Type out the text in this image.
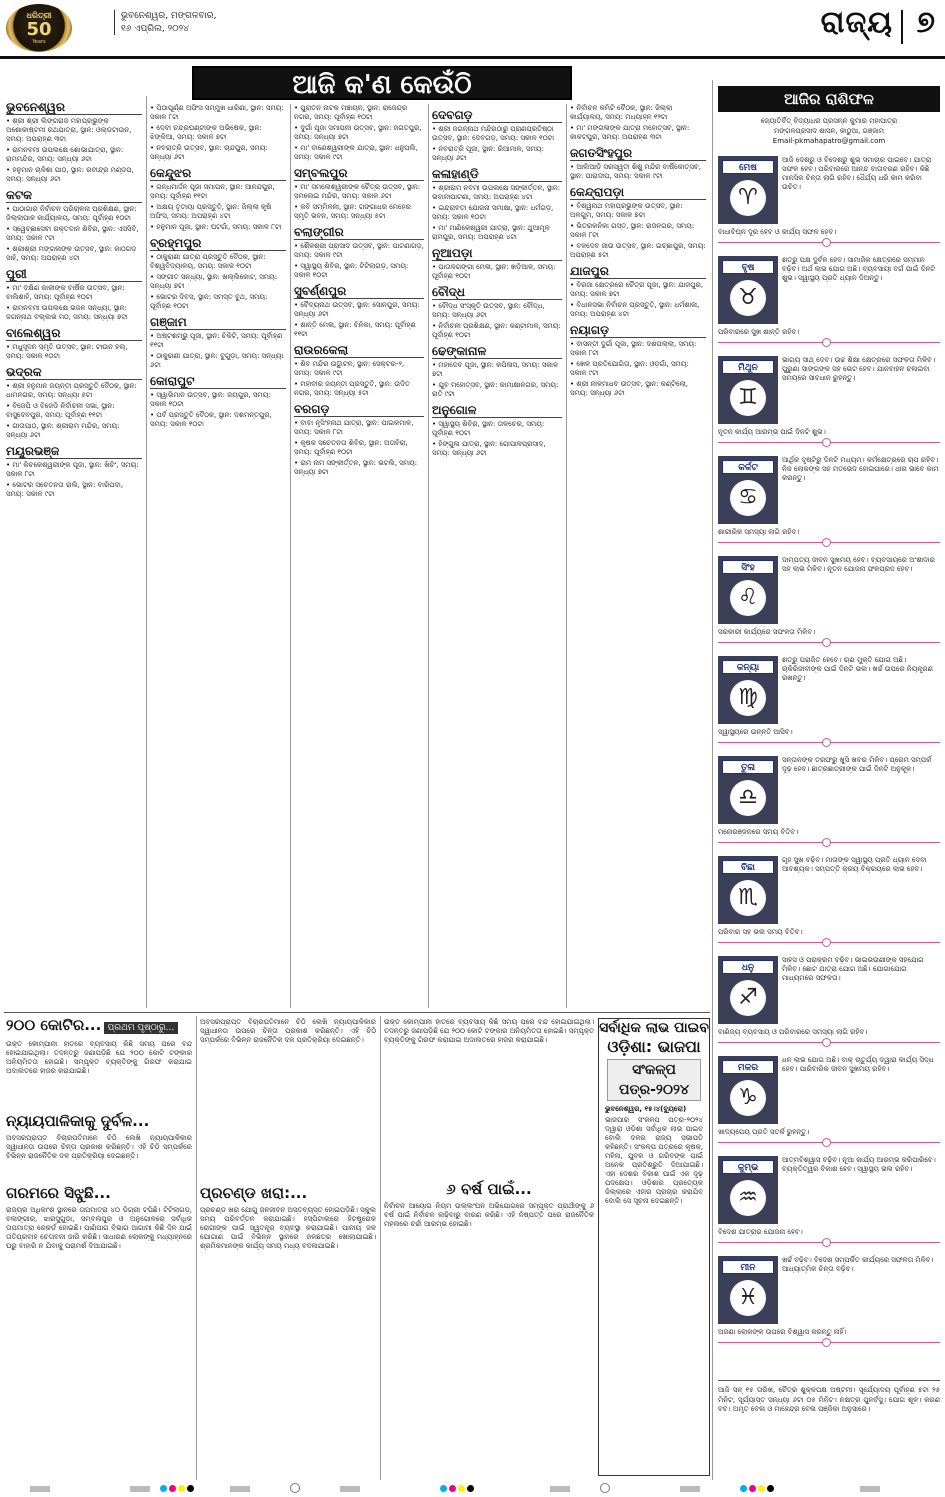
ଧରିତ୍ରୀ
50
Years
ଭୁବନେଶ୍ୱର, ମଙ୍ଗଳବାର,
୧୬ ଏପ୍ରିଲ, ୨୦୨୪	ରାଜ୍ୟ ୭
ଆଜି କ'ଣ କେଉଁଠି
ଭୁବନେଶ୍ୱର
• ଶ୍ରୀ ଶ୍ରୀ ଲିଙ୍ଗରାଜ ମହାପ୍ରଭୁଙ୍କ ଅଶୋକାଷ୍ଟମୀ ରଥଯାତ୍ରା, ସ୍ଥାନ: ଓଲ୍ଡଟାଉନ, ସମୟ: ଅପରାହ୍ଣ ୩ଟା
• ରାମନବମୀ ଉପଲକ୍ଷେ ଶୋଭାଯାତ୍ରା, ସ୍ଥାନ: ରାମମନ୍ଦିର, ସମୟ: ସନ୍ଧ୍ୟା ୬ଟା
• ହନୁମାନ ଚାଳିଶା ପାଠ, ସ୍ଥାନ: ରବୀନ୍ଦ୍ର ମଣ୍ଡପ, ସମୟ: ସନ୍ଧ୍ୟା ୬ଟା
କଟକ
• ପାଠାଗାର ନିର୍ବାଚନ ପରିଚାଳନା ପ୍ରଶିକ୍ଷଣ, ସ୍ଥାନ: ଜିଲ୍ଲାପାଳ କାର୍ଯ୍ୟାଳୟ, ସମୟ: ପୂର୍ବାହ୍ଣ ୧୦ଟା
• ସ୍ୱେଚ୍ଛାସେବୀ ରକ୍ତଦାନ ଶିବିର, ସ୍ଥାନ: ଏସସିବି, ସମୟ: ସକାଳ ୯ଟା
• ଶ୍ରୀଶ୍ରୀ ମଙ୍ଗଳାଙ୍କ ଉତ୍ସବ, ସ୍ଥାନ: କାଠଗଡ଼ ସାହି, ସମୟ: ଅପରାହ୍ଣ ୪ଟା
ପୁରୀ
• ମା' ଦକ୍ଷିଣ କାଳୀଙ୍କ ବାର୍ଷିକ ଉତ୍ସବ, ସ୍ଥାନ: ବାଲିଶାହି, ସମୟ: ପୂର୍ବାହ୍ଣ ୧୦ଟା
• ରାମନବମୀ ଉପଲକ୍ଷେ ଭଜନ ସନ୍ଧ୍ୟା, ସ୍ଥାନ: ଜଗନ୍ନାଥ ବଲ୍ଲଭ ମଠ, ସମୟ: ସନ୍ଧ୍ୟା ୭ଟା
ବାଲେଶ୍ୱର
• ମଧୁସୂଦନ ସ୍ମୃତି ଉତ୍ସବ, ସ୍ଥାନ: ଟାଉନ ହଲ୍, ସମୟ: ସକାଳ ୧୦ଟା
ଭଦ୍ରକ
• ଶ୍ରୀ ହନୁମାନ ଜୟନ୍ତୀ ପ୍ରସ୍ତୁତି ବୈଠକ, ସ୍ଥାନ: ଧାମନଗର, ସମୟ: ସନ୍ଧ୍ୟା ୫ଟା
• ବିଜେପି ଓ ବିଜେଡି ନିର୍ବାଚନୀ ସଭା, ସ୍ଥାନ: ବାସୁଦେବପୁର, ସମୟ: ପୂର୍ବାହ୍ଣ ୧୧ଟା
• ଗୀତାପାଠ, ସ୍ଥାନ: ଶ୍ରୀରାମ ମନ୍ଦିର, ସମୟ: ସନ୍ଧ୍ୟା ୬ଟା
ମୟୂରଭଞ୍ଜ
• ମା' କିଚକେଶ୍ୱରୀଙ୍କ ପୂଜା, ସ୍ଥାନ: ଖିଚିଂ, ସମୟ: ସକାଳ ୮ଟା
• ଭୋଟର ସଚେତନତା ରାଲି, ସ୍ଥାନ: ବାରିପଦା, ସମୟ: ସକାଳ ୯ଟା
• ପିଠାପୂର୍ଣ୍ଣ ଅଫିସ ସମ୍ମୁଖ ଧାରିଣା, ସ୍ଥାନ: ସମୟ: ସକାଳ ୮ଟା
• ଦେବୀ ଚନ୍ଦ୍ରଘଣ୍ଟାଙ୍କ ଅଭିଷେକ, ସ୍ଥାନ: ଝିଙ୍କିଆ, ସମୟ: ସକାଳ ୭ଟା
• ନବରାତ୍ରି ଉତ୍ସବ, ସ୍ଥାନ: ଚାନ୍ଦପୁର, ସମୟ: ସନ୍ଧ୍ୟା ୬ଟା
କେନ୍ଦୁଝର
• ଗନ୍ଧମାର୍ଦ୍ଦନ ପୂଜା ସମାପନ, ସ୍ଥାନ: ଆନନ୍ଦପୁର, ସମୟ: ପୂର୍ବାହ୍ଣ ୧୧ଟା
• ଅକ୍ଷୟ ତୃତୀୟା ପ୍ରସ୍ତୁତି, ସ୍ଥାନ: ଜିଲ୍ଲା କୃଷି ଅଫିସ, ସମୟ: ଅପରାହ୍ଣ ୪ଟା
• ହନୁମାନ ପୂଜା, ସ୍ଥାନ: ଘଟଗାଁ, ସମୟ: ସକାଳ ୮ଟା
ବ୍ରହ୍ମପୁର
• ଠାକୁରାଣୀ ଯାତ୍ରା ପ୍ରସ୍ତୁତି ବୈଠକ, ସ୍ଥାନ: ବିଶ୍ୱବିଦ୍ୟାଳୟ, ସମୟ: ସକାଳ ୧୦ଟା
• ସଙ୍ଗୀତ ସନ୍ଧ୍ୟା, ସ୍ଥାନ: ଖଲ୍ଲିକୋଟ, ସମୟ: ସନ୍ଧ୍ୟା ୭ଟା
• ଭୋଟର ଦିବସ, ସ୍ଥାନ: ସମସ୍ତ ବୁଥ, ସମୟ: ପୂର୍ବାହ୍ଣ ୧୦ଟା
ଗଞ୍ଜାମ
• ଅଷ୍ଟଶମ୍ଭୁ ପୂଜା, ସ୍ଥାନ: ଚିକିଟି, ସମୟ: ପୂର୍ବାହ୍ଣ ୧୧ଟା
• ଠାକୁରାଣୀ ଯାତ୍ରା, ସ୍ଥାନ: ବୁଗୁଡ଼ା, ସମୟ: ସନ୍ଧ୍ୟା ୬ଟା
କୋରାପୁଟ
• ସ୍ୱାଭିମାନ ଉତ୍ସବ, ସ୍ଥାନ: ଜୟପୁର, ସମୟ: ସକାଳ ୧୦ଟା
• ପର୍ବ ପ୍ରସ୍ତୁତି ବୈଠକ, ସ୍ଥାନ: ଦଶମନ୍ତପୁର, ସମୟ: ସକାଳ ୧୦ଟା
• ପୁରାତନ ନାଟକ ମଞ୍ଚାୟନ, ସ୍ଥାନ: ରାଜେନ୍ଦ୍ର ନଗର, ସମୟ: ପୂର୍ବାହ୍ଣ ୧୦ଟା
• ଦୁର୍ଗା ପୂଜା ସମାପନୀ ଉତ୍ସବ, ସ୍ଥାନ: ଜଗତପୁର, ସମୟ: ସନ୍ଧ୍ୟା ୭ଟା
• ମା' ବାଣେଶ୍ୱରୀଙ୍କ ଯାତ୍ରା, ସ୍ଥାନ: ଧନୁପଲି, ସମୟ: ସକାଳ ୯ଟା
ସମ୍ବଲପୁର
• ମା' ସମଲେଶ୍ୱରୀଙ୍କ ଚୈତ୍ର ଉତ୍ସବ, ସ୍ଥାନ: ସମଲେଇ ମନ୍ଦିର, ସମୟ: ସକାଳ ୬ଟା
• କବି ସମ୍ମିଳନୀ, ସ୍ଥାନ: ଗଙ୍ଗାଧର ମେହେର ସ୍ମୃତି ଭବନ, ସମୟ: ସନ୍ଧ୍ୟା ୫ଟା
ବଲାଙ୍ଗୀର
• ଶୈଳଶ୍ରୀ ପ୍ରାସାଦ ଉତ୍ସବ, ସ୍ଥାନ: ପାଟଣାଗଡ଼, ସମୟ: ସକାଳ ୯ଟା
• ସ୍ୱାସ୍ଥ୍ୟ ଶିବିର, ସ୍ଥାନ: ଟିଟିଲାଗଡ଼, ସମୟ: ସକାଳ ୧୦ଟା
ସୁବର୍ଣ୍ଣପୁର
• ବୈଦ୍ୟନାଥ ଉତ୍ସବ, ସ୍ଥାନ: ସୋନପୁର, ସମୟ: ସନ୍ଧ୍ୟା ୬ଟା
• ଶାନ୍ତି ମେଳା, ସ୍ଥାନ: ବିନିକା, ସମୟ: ପୂର୍ବାହ୍ଣ ୧୧ଟା
ରାଉରକେଲା
• ଶିବ ମନ୍ଦିର ଉଦ୍ଘାଟନ, ସ୍ଥାନ: ସେକ୍ଟର-୨, ସମୟ: ସକାଳ ୯ଟା
• ମହାବୀର ଜୟନ୍ତୀ ପ୍ରସ୍ତୁତି, ସ୍ଥାନ: ଉଦିତ ନଗର, ସମୟ: ସନ୍ଧ୍ୟା ୫ଟା
ବରଗଡ଼
• ବାବା ନୃସିଂହନାଥ ଯାତ୍ରା, ସ୍ଥାନ: ପାଇକମାଳ, ସମୟ: ସକାଳ ୮ଟା
• କୃଷକ ସଚେତନତା ଶିବିର, ସ୍ଥାନ: ଅତାବିରା, ସମୟ: ପୂର୍ବାହ୍ଣ ୧୦ଟା
• ରାମ ନାମ ସଙ୍କୀର୍ତ୍ତନ, ସ୍ଥାନ: ଭଟଲି, ସମୟ: ସନ୍ଧ୍ୟା ୭ଟା
ଦେବଗଡ଼
• ଶ୍ରୀ ଜଗନ୍ନାଥ ମନ୍ଦିରଠାରୁ ପ୍ରାଣପ୍ରତିଷ୍ଠା ଉତ୍ସବ, ସ୍ଥାନ: ଦେବଗଡ଼, ସମୟ: ସକାଳ ୧୦ଟା
• ନବରାତ୍ରି ପୂଜା, ସ୍ଥାନ: ରିଆମାଳ, ସମୟ: ସନ୍ଧ୍ୟା ୬ଟା
କଳାହାଣ୍ଡି
• ଶ୍ରୀରାମ ନବମୀ ଉପଲକ୍ଷେ ସଙ୍କୀର୍ତ୍ତନ, ସ୍ଥାନ: ଭବାନୀପାଟଣା, ସମୟ: ଅପରାହ୍ଣ ୪ଟା
• ଇନ୍ଦ୍ରାବତୀ ଯୋଜନା ସମୀକ୍ଷା, ସ୍ଥାନ: ଧର୍ମଗଡ଼, ସମୟ: ସକାଳ ୧୦ଟା
• ମା' ମାଣିକେଶ୍ୱରୀ ଯାତ୍ରା, ସ୍ଥାନ: ଥୁଆମୂଳ ରାମପୁର, ସମୟ: ଅପରାହ୍ଣ ୪ଟା
ନୂଆପଡ଼ା
• ପାତାଳଗଙ୍ଗା ମେଳା, ସ୍ଥାନ: ଖଡ଼ିଆଳ, ସମୟ: ପୂର୍ବାହ୍ଣ ୧୦ଟା
ବୌଦ୍ଧ
• ବୌଦ୍ଧ ସଂସ୍କୃତି ଉତ୍ସବ, ସ୍ଥାନ: ବୌଦ୍ଧ, ସମୟ: ସନ୍ଧ୍ୟା ୬ଟା
• ନିର୍ବାଚନୀ ପ୍ରଶିକ୍ଷଣ, ସ୍ଥାନ: କଣ୍ଟାମାଳ, ସମୟ: ପୂର୍ବାହ୍ଣ ୧୦ଟା
ଢେଙ୍କାନାଳ
• ମହାଦେବ ପୂଜା, ସ୍ଥାନ: କପିଳାସ, ସମୟ: ସକାଳ ୭ଟା
• ଯୁବ ମହୋତ୍ସବ, ସ୍ଥାନ: କାମାକ୍ଷାନଗର, ସମୟ: ରାତି ୯ଟା
ଅନୁଗୋଳ
• ସ୍ୱାସ୍ଥ୍ୟ ଶିବିର, ସ୍ଥାନ: ତାଳଚେର, ସମୟ: ପୂର୍ବାହ୍ଣ ୧୦ଟା
• ହିଙ୍ଗୁଳା ଯାତ୍ରା, ସ୍ଥାନ: ଗୋପାଳପ୍ରସାଦ, ସମୟ: ସନ୍ଧ୍ୟା ୬ଟା
• ନିର୍ବାଚନ କମିଟି ବୈଠକ, ସ୍ଥାନ: ଜିଲ୍ଲା କାର୍ଯ୍ୟାଳୟ, ସମୟ: ମଧ୍ୟାହ୍ନ ୧୨ଟା
• ମା' ମଙ୍ଗଳାଙ୍କ ଯାତ୍ରା ମହୋତ୍ସବ, ସ୍ଥାନ: କାକଟପୁର, ସମୟ: ଅପରାହ୍ଣ ୩ଟା
ଜଗତସିଂହପୁର
• ଆଲିଆଡ଼ି ସରସ୍ୱତୀ ଶିଶୁ ମନ୍ଦିର ବାର୍ଷିକୋତ୍ସବ, ସ୍ଥାନ: ପାରାଦୀପ, ସମୟ: ସକାଳ ୯ଟା
କେନ୍ଦ୍ରାପଡ଼ା
• ବିଶ୍ୱନାଥ ମହାପ୍ରଭୁଙ୍କ ଉତ୍ସବ, ସ୍ଥାନ: ଅଳଗୁମ, ସମୟ: ସକାଳ ୭ଟା
• ଭିତରକନିକା ଗସ୍ତ, ସ୍ଥାନ: ରାଜନଗର, ସମୟ: ସକାଳ ୮ଟା
• ବଳଦେବ ଜୀଉ ଉତ୍ସବ, ସ୍ଥାନ: ଇଚ୍ଛାପୁର, ସମୟ: ଅପରାହ୍ଣ ୫ଟା
ଯାଜପୁର
• ବିରଜା କ୍ଷେତ୍ରରେ ଚୈତ୍ର ପୂଜା, ସ୍ଥାନ: ଯାଜପୁର, ସମୟ: ସକାଳ ୭ଟା
• ବିଧାନସଭା ନିର୍ବାଚନ ପ୍ରସ୍ତୁତି, ସ୍ଥାନ: ଧର୍ମଶାଳା, ସମୟ: ଅପରାହ୍ଣ ୪ଟା
ନୟାଗଡ଼
• ବାସନ୍ତୀ ଦୁର୍ଗା ପୂଜା, ସ୍ଥାନ: ଦଶପଲ୍ଲା, ସମୟ: ସକାଳ ୮ଟା
• ଖେଳ ପ୍ରତିଯୋଗିତା, ସ୍ଥାନ: ଓଡ଼ଗାଁ, ସମୟ: ସକାଳ ୯ଟା
• ଶ୍ରୀ ନୀଳମାଧବ ଉତ୍ସବ, ସ୍ଥାନ: କଣ୍ଟିଲୋ, ସମୟ: ସନ୍ଧ୍ୟା ୬ଟା
ଆଜିର ରାଶିଫଳ
ଜ୍ୟୋତିର୍ବିତ୍ ବିଦ୍ୟାଧର ପ୍ରସନ୍ନ କୁମାର ମହାପାତ୍ର
ମଙ୍ଗଳପ୍ରସାଦ ଶାସନ, କାଠୁଆ, ଗଞ୍ଜାମ
Email-pkmahapatro@gmail.com
ମେଷ
♈
ଆଜି ଦେଶରୁ ଓ ବିଦେଶରୁ ଶୁଭ ସମାଚାର ପାଇବେ। ଯାତ୍ରା ସଫଳ ହେବ। ପରିବାରରେ ଆନନ୍ଦ ବାତାବରଣ ରହିବ। କିଛି ମାନସିକ ଚିନ୍ତା ଲାଗି ରହିବ। ଧୈର୍ଯ୍ୟ ଧରି କାମ କରିବା ଉଚିତ।
ବାଧାବିଘ୍ନ ଦୂର ହେବ ଓ କାର୍ଯ୍ୟ ସଫଳ ହେବ।
ବୃଷ
♉
ଶତ୍ରୁ ପକ୍ଷ ଦୁର୍ବଳ ହେବ। ସାମାଜିକ କ୍ଷେତ୍ରରେ ସମ୍ମାନ ବଢ଼ିବ। ଅର୍ଥ ଲାଭ ଯୋଗ ଅଛି। ବ୍ୟବସାୟୀ ବର୍ଗ ପାଇଁ ଦିନଟି ଶୁଭ। ସ୍ୱାସ୍ଥ୍ୟ ପ୍ରତି ଧ୍ୟାନ ଦିଅନ୍ତୁ।
ପରିବାରରେ ସୁଖ ଶାନ୍ତି ରହିବ।
ମିଥୁନ
♊
ଭାଗ୍ୟ ସାଥ୍ ଦେବ। ଉଚ୍ଚ ଶିକ୍ଷା କ୍ଷେତ୍ରରେ ସଫଳତା ମିଳିବ। ପୁରୁଣା ସାଙ୍ଗଙ୍କ ସହ ଭେଟ ହେବ। ଯାନବାହନ ଚଳାଇବା ସମୟରେ ସାବଧାନ ରୁହନ୍ତୁ।
ନୂତନ କାର୍ଯ୍ୟ ଆରମ୍ଭ ପାଇଁ ଦିନଟି ଶୁଭ।
କର୍କଟ
♋
ଆର୍ଥିକ ଦୃଷ୍ଟିରୁ ଦିନଟି ମଧ୍ୟମ। କର୍ମକ୍ଷେତ୍ରରେ ଚାପ ରହିବ। ନିଜ ଲୋକଙ୍କ ସହ ମତଭେଦ ହୋଇପାରେ। ଧୀର ଭାବେ କାମ କରନ୍ତୁ।
ଶାରୀରିକ ସମସ୍ୟା ଲାଗି ରହିବ।
ସିଂହ
♌
ଦାମ୍ପତ୍ୟ ଜୀବନ ସୁଖମୟ ହେବ। ବ୍ୟବସାୟରେ ଅଂଶୀଦାର ସହ ଲାଭ ମିଳିବ। ନୂତନ ଯୋଜନା ଫଳପ୍ରଦ ହେବ।
ସରକାରୀ କାର୍ଯ୍ୟରେ ସଫଳତା ମିଳିବ।
କନ୍ୟା
♍
ଶତ୍ରୁ ପରାଜିତ ହେବେ। ଋଣ ମୁକ୍ତି ଯୋଗ ଅଛି। ଚାକିରିଜୀବୀଙ୍କ ପାଇଁ ଦିନଟି ଭଲ। ଖର୍ଚ୍ଚ ଉପରେ ନିୟନ୍ତ୍ରଣ ରଖନ୍ତୁ।
ସ୍ୱାସ୍ଥ୍ୟରେ ଉନ୍ନତି ଆସିବ।
ତୁଳା
♎
ସନ୍ତାନଙ୍କ ତରଫରୁ ଖୁସି ଖବର ମିଳିବ। ପ୍ରେମ ସମ୍ପର୍କ ଦୃଢ଼ ହେବ। ଛାତ୍ରଛାତ୍ରୀଙ୍କ ପାଇଁ ଦିନଟି ଅନୁକୂଳ।
ମନୋରଞ୍ଜନରେ ସମୟ ବିତିବ।
ବିଛା
♏
ଗୃହ ସୁଖ ବଢ଼ିବ। ମାତାଙ୍କ ସ୍ୱାସ୍ଥ୍ୟ ପ୍ରତି ଧ୍ୟାନ ଦେବା ଆବଶ୍ୟକ। ସମ୍ପତ୍ତି କ୍ରୟ ବିକ୍ରୟରେ ଲାଭ ହେବ।
ପରିବାର ସହ ଭଲ ସମୟ ବିତିବ।
ଧନୁ
♐
ସାହସ ଓ ପରାକ୍ରମ ବଢ଼ିବ। ଭାଇଭଉଣୀଙ୍କ ସହଯୋଗ ମିଳିବ। ଛୋଟ ଯାତ୍ରା ଯୋଗ ଅଛି। ଯୋଗାଯୋଗ ମାଧ୍ୟମରେ ସଫଳତା।
ବାଣିଜ୍ୟ ବ୍ୟବସାୟ ଓ ପରିବାରରେ ସମସ୍ୟା ଲାଗି ରହିବ।
ମକର
♑
ଧନ ଲାଭ ଯୋଗ ଅଛି। ବାକ୍ ଚାତୁର୍ଯ୍ୟ ଦ୍ୱାରା କାର୍ଯ୍ୟ ସିଦ୍ଧ ହେବ। ପାରିବାରିକ ଜୀବନ ସୁଖମୟ ରହିବ।
ଖାଦ୍ୟପେୟ ପ୍ରତି ସତର୍କ ରୁହନ୍ତୁ।
କୁମ୍ଭ
♒
ଆତ୍ମବିଶ୍ୱାସ ବଢ଼ିବ। ନୂଆ କାର୍ଯ୍ୟ ଆରମ୍ଭ କରିପାରିବେ। ବ୍ୟକ୍ତିତ୍ୱର ବିକାଶ ହେବ। ସ୍ୱାସ୍ଥ୍ୟ ଭଲ ରହିବ।
ବିଦେଶ ଯାତ୍ରାର ଯୋଜନା ହେବ।
ମୀନ
♓
ଖର୍ଚ୍ଚ ବଢ଼ିବ। ବିଦେଶ ସମ୍ପର୍କିତ କାର୍ଯ୍ୟରେ ସଫଳତା ମିଳିବ। ଆଧ୍ୟାତ୍ମିକ ଚିନ୍ତା ବଢ଼ିବ।
ଅଜଣା ଲୋକଙ୍କ ଉପରେ ବିଶ୍ୱାସ କରନ୍ତୁ ନାହିଁ।
୨୦୦ କୋଟିର... ପ୍ରଥମ ପୃଷ୍ଠାରୁ...
ଉକ୍ତ କୋମ୍ପାନୀ ହାତରେ ବ୍ୟବସାୟ କିଛି ସମୟ ପରେ ବନ୍ଦ ହୋଇଯାଇଥିଲା। ତଦନ୍ତରୁ ଜଣାପଡ଼ିଛି ଯେ ୨୦୦ କୋଟି ଟଙ୍କାର ଅନିୟମିତତା ହୋଇଛି। ସମ୍ପୃକ୍ତ ବ୍ୟକ୍ତିଙ୍କୁ ଗିରଫ କରାଯାଇ ଅଦାଲତରେ ହାଜର କରାଯାଇଛି।
ନ୍ୟାୟପାଳିକାକୁ ଦୁର୍ବଳ...
ଅବସରପ୍ରାପ୍ତ ବିଚାରପତିମାନେ ଚିଠି ଲେଖି ନ୍ୟାୟପାଳିକାର ସ୍ୱାଧୀନତା ଉପରେ ଚିନ୍ତା ପ୍ରକାଶ କରିଛନ୍ତି। ଏହି ଚିଠି ସମ୍ପର୍କରେ ବିଭିନ୍ନ ରାଜନୈତିକ ଦଳ ପ୍ରତିକ୍ରିୟା ଦେଇଛନ୍ତି।
ଗରମରେ ସିଝୁଛି...
ରାଜ୍ୟର ଅଧିକାଂଶ ସ୍ଥାନରେ ତାପମାତ୍ରା ୪୦ ଡିଗ୍ରୀ ଟପିଛି। ଟିଟିଲାଗଡ଼, ବଲାଙ୍ଗୀର, ଝାରସୁଗୁଡ଼ା, ସମ୍ବଲପୁର ଓ ଅନୁଗୋଳରେ ସର୍ବାଧିକ ତାପମାତ୍ରା ରେକର୍ଡ ହୋଇଛି। ପାଣିପାଗ ବିଭାଗ ଆଗାମୀ କିଛି ଦିନ ପାଇଁ ତାତିପ୍ରବାହ ଚେତାବନୀ ଜାରି କରିଛି। ସାଧାରଣ ଲୋକଙ୍କୁ ମଧ୍ୟାହ୍ନରେ ଘରୁ ବାହାରି ନ ଯିବାକୁ ପରାମର୍ଶ ଦିଆଯାଇଛି।
ଅବସରପ୍ରାପ୍ତ ବିଚାରପତିମାନେ ଚିଠି ଲେଖି ନ୍ୟାୟପାଳିକାର ସ୍ୱାଧୀନତା ଉପରେ ଚିନ୍ତା ପ୍ରକାଶ କରିଛନ୍ତି। ଏହି ଚିଠି ସମ୍ପର୍କରେ ବିଭିନ୍ନ ରାଜନୈତିକ ଦଳ ପ୍ରତିକ୍ରିୟା ଦେଇଛନ୍ତି।
ପ୍ରଚଣ୍ଡ ଖରା:...
ପ୍ରଚଣ୍ଡ ଖରା ଯୋଗୁ ଜନଜୀବନ ଅସ୍ତବ୍ୟସ୍ତ ହୋଇପଡ଼ିଛି। ସ୍କୁଲ ସମୟ ପରିବର୍ତ୍ତନ କରାଯାଇଛି। ହସ୍ପିଟାଲରେ ହିଟଷ୍ଟ୍ରୋକ ରୋଗୀଙ୍କ ପାଇଁ ସ୍ୱତନ୍ତ୍ର ବ୍ୟବସ୍ଥା କରାଯାଇଛି। ପାନୀୟ ଜଳ ଯୋଗାଣ ପାଇଁ ବିଭିନ୍ନ ସ୍ଥାନରେ ଜଳଛତ୍ର ଖୋଲାଯାଇଛି। ଶ୍ରମିକମାନଙ୍କ କାର୍ଯ୍ୟ ସମୟ ମଧ୍ୟ ବଦଳାଯାଇଛି।
ଉକ୍ତ କୋମ୍ପାନୀ ହାତରେ ବ୍ୟବସାୟ କିଛି ସମୟ ପରେ ବନ୍ଦ ହୋଇଯାଇଥିଲା। ତଦନ୍ତରୁ ଜଣାପଡ଼ିଛି ଯେ ୨୦୦ କୋଟି ଟଙ୍କାର ଅନିୟମିତତା ହୋଇଛି। ସମ୍ପୃକ୍ତ ବ୍ୟକ୍ତିଙ୍କୁ ଗିରଫ କରାଯାଇ ଅଦାଲତରେ ହାଜର କରାଯାଇଛି।
୬ ବର୍ଷ ପାଇଁ...
ନିର୍ବାଚନ ଆୟୋଗ ନିୟମ ଉଲ୍ଲଂଘନ ଅଭିଯୋଗରେ ସମ୍ପୃକ୍ତ ପ୍ରାର୍ଥୀଙ୍କୁ ୬ ବର୍ଷ ପାଇଁ ନିର୍ବାଚନ ଲଢ଼ିବାରୁ ବାରଣ କରିଛି। ଏହି ନିଷ୍ପତ୍ତି ପରେ ରାଜନୈତିକ ମହଲରେ ଚର୍ଚ୍ଚା ଆରମ୍ଭ ହୋଇଛି।
ସର୍ବାଧିକ ଲାଭ ପାଇବ
ଓଡ଼ିଶା: ଭାଜପା
ସଂକଳ୍ପ ପତ୍ର-୨୦୨୪
ଭୁବନେଶ୍ୱର, ୧୫।୪(ବ୍ୟୁରୋ)
ଭାଜପାର ସଂକଳ୍ପ ପତ୍ର-୨୦୨୪ ଦ୍ୱାରା ଓଡ଼ିଶା ସର୍ବାଧିକ ଲାଭ ପାଇବ ବୋଲି ଦଳର ରାଜ୍ୟ ସଭାପତି କହିଛନ୍ତି। ସଂକଳ୍ପ ପତ୍ରରେ କୃଷକ, ମହିଳା, ଯୁବକ ଓ ଗରିବଙ୍କ ପାଇଁ ଅନେକ ପ୍ରତିଶ୍ରୁତି ଦିଆଯାଇଛି। ଏହା ଦେଶର ବିକାଶ ପାଇଁ ଏକ ଦୃଢ଼ ପଦକ୍ଷେପ। ଓଡ଼ିଶାର ପ୍ରତ୍ୟେକ ଜିଲ୍ଲାରେ ଏହାର ପ୍ରଚାର କରାଯିବ ବୋଲି ସେ ସୂଚନା ଦେଇଛନ୍ତି।
ଆଜି ସନ୍ ୧୫ ତାରିଖ, ଚୈତ୍ର ଶୁକ୍ଳପକ୍ଷ ଅଷ୍ଟମୀ। ସୂର୍ଯ୍ୟୋଦୟ ପୂର୍ବାହ୍ଣ ୫ଟା ୨୫ ମିନିଟ, ସୂର୍ଯ୍ୟାସ୍ତ ସନ୍ଧ୍ୟା ୬ଟା ୦୫ ମିନିଟ। ନକ୍ଷତ୍ର ପୁନର୍ବସୁ। ଯୋଗ ଶୂଳ। କରଣ ବବ। ଅମୃତ ବେଳା ଓ ମାହେନ୍ଦ୍ର ବେଳା ପଞ୍ଜିକା ଅନୁସାରେ।
